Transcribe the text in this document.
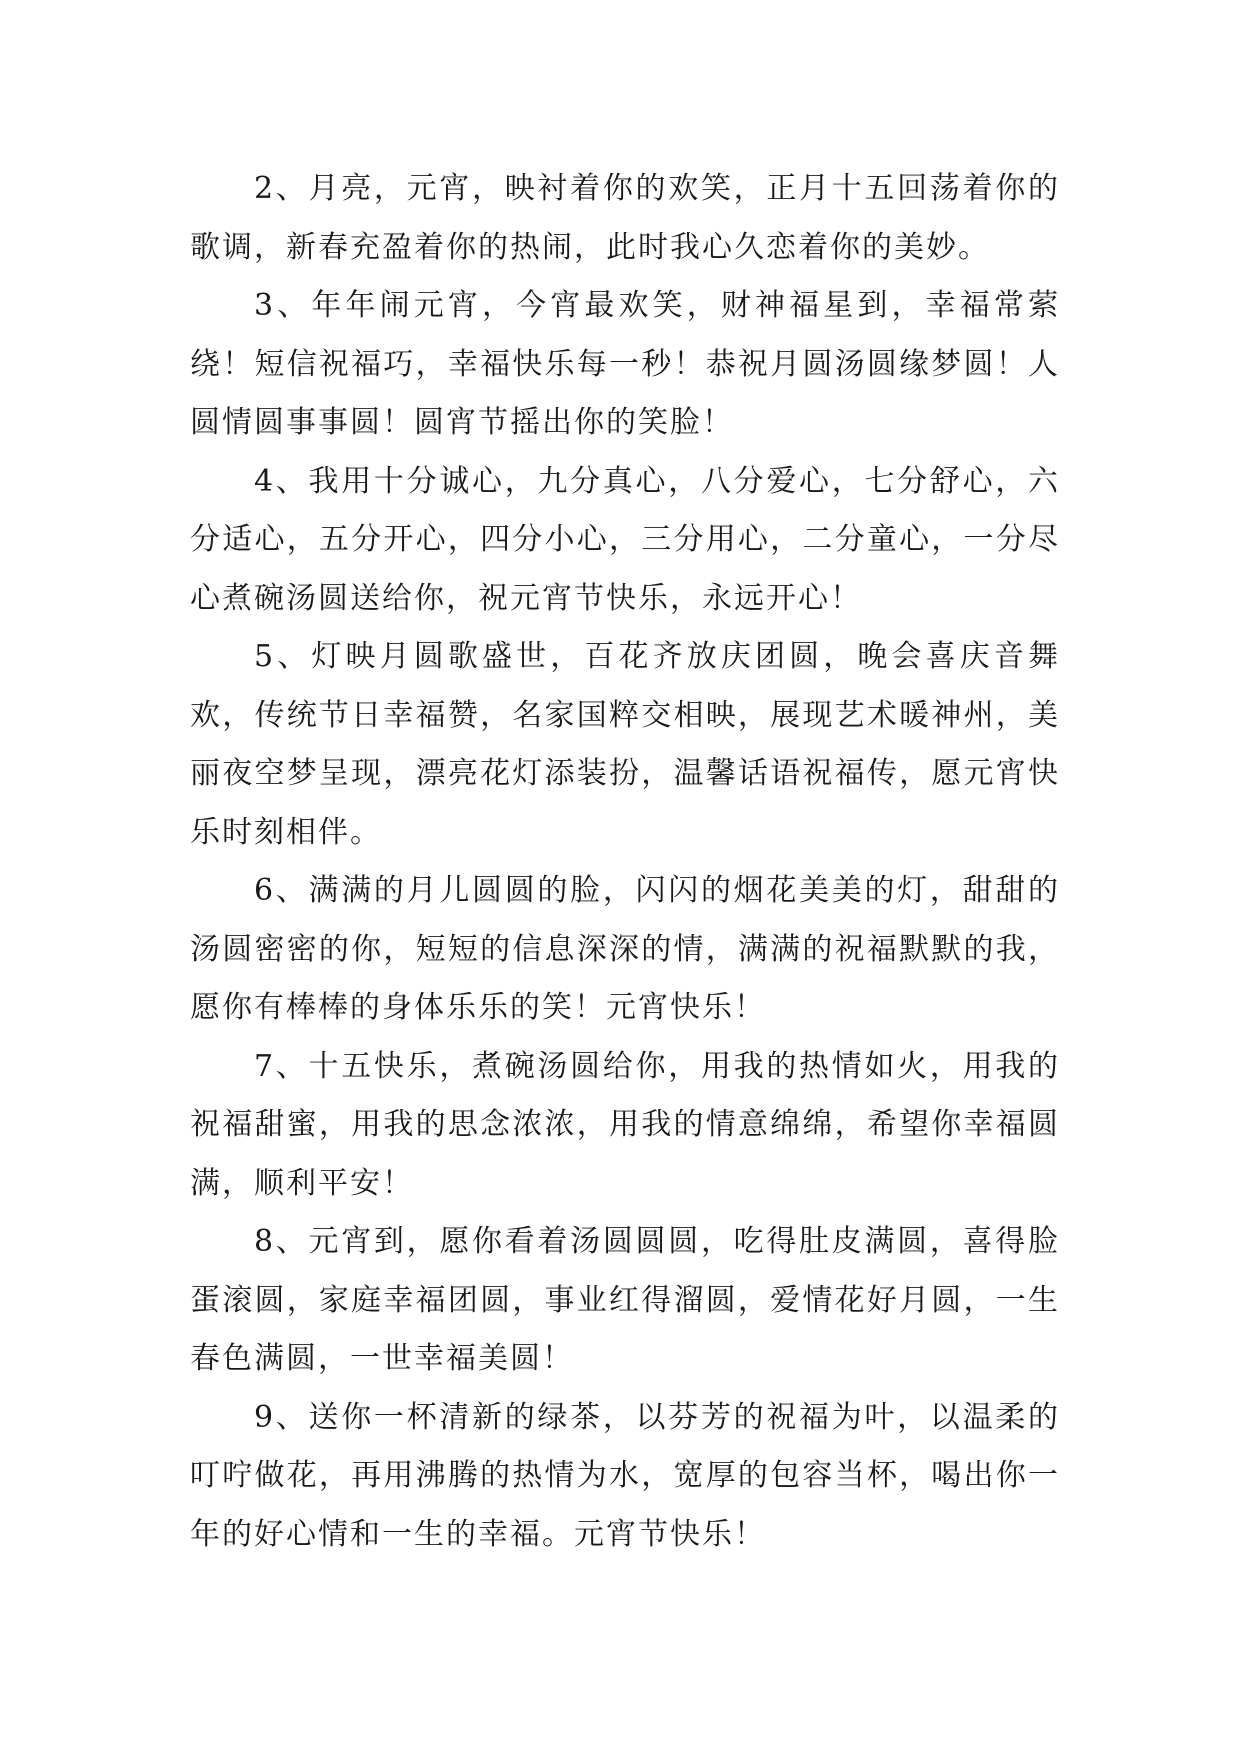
2、月亮，元宵，映衬着你的欢笑，正月十五回荡着你的歌调，新春充盈着你的热闹，此时我心久恋着你的美妙。

3、年年闹元宵，今宵最欢笑，财神福星到，幸福常萦绕！短信祝福巧，幸福快乐每一秒！恭祝月圆汤圆缘梦圆！人圆情圆事事圆！圆宵节摇出你的笑脸！

4、我用十分诚心，九分真心，八分爱心，七分舒心，六分适心，五分开心，四分小心，三分用心，二分童心，一分尽心煮碗汤圆送给你，祝元宵节快乐，永远开心！

5、灯映月圆歌盛世，百花齐放庆团圆，晚会喜庆音舞欢，传统节日幸福赞，名家国粹交相映，展现艺术暖神州，美丽夜空梦呈现，漂亮花灯添装扮，温馨话语祝福传，愿元宵快乐时刻相伴。

6、满满的月儿圆圆的脸，闪闪的烟花美美的灯，甜甜的汤圆密密的你，短短的信息深深的情，满满的祝福默默的我，愿你有棒棒的身体乐乐的笑！元宵快乐！

7、十五快乐，煮碗汤圆给你，用我的热情如火，用我的祝福甜蜜，用我的思念浓浓，用我的情意绵绵，希望你幸福圆满，顺利平安！

8、元宵到，愿你看着汤圆圆圆，吃得肚皮满圆，喜得脸蛋滚圆，家庭幸福团圆，事业红得溜圆，爱情花好月圆，一生春色满圆，一世幸福美圆！

9、送你一杯清新的绿茶，以芬芳的祝福为叶，以温柔的叮咛做花，再用沸腾的热情为水，宽厚的包容当杯，喝出你一年的好心情和一生的幸福。元宵节快乐！
